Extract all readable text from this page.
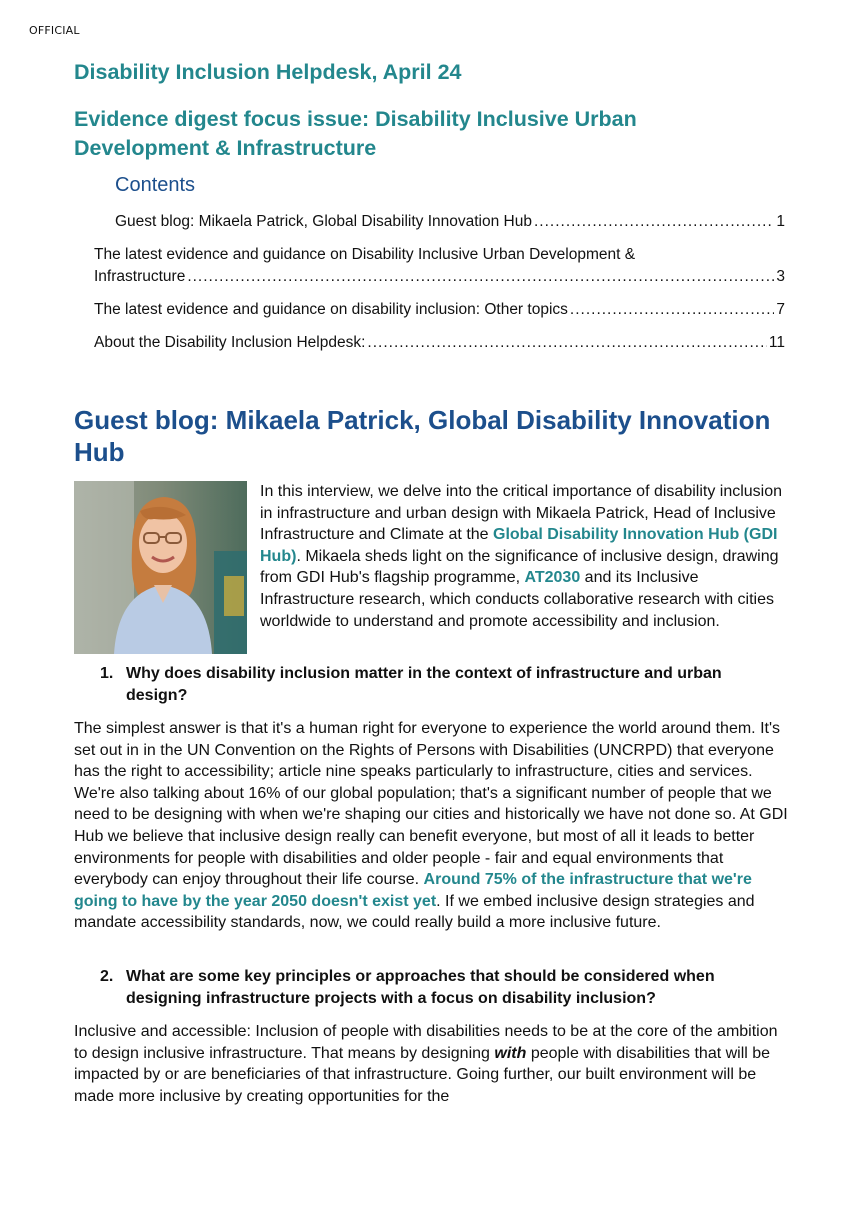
OFFICIAL
Disability Inclusion Helpdesk, April 24
Evidence digest focus issue: Disability Inclusive Urban Development & Infrastructure
Contents
Guest blog: Mikaela Patrick, Global Disability Innovation Hub .....	1
The latest evidence and guidance on Disability Inclusive Urban Development &
Infrastructure .....	3
The latest evidence and guidance on disability inclusion: Other topics .....	7
About the Disability Inclusion Helpdesk: .....	11
Guest blog: Mikaela Patrick, Global Disability Innovation Hub
In this interview, we delve into the critical importance of disability inclusion in infrastructure and urban design with Mikaela Patrick, Head of Inclusive Infrastructure and Climate at the Global Disability Innovation Hub (GDI Hub). Mikaela sheds light on the significance of inclusive design, drawing from GDI Hub's flagship programme, AT2030 and its Inclusive Infrastructure research, which conducts collaborative research with cities worldwide to understand and promote accessibility and inclusion.
1. Why does disability inclusion matter in the context of infrastructure and urban design?
The simplest answer is that it's a human right for everyone to experience the world around them. It's set out in in the UN Convention on the Rights of Persons with Disabilities (UNCRPD) that everyone has the right to accessibility; article nine speaks particularly to infrastructure, cities and services. We're also talking about 16% of our global population; that's a significant number of people that we need to be designing with when we're shaping our cities and historically we have not done so. At GDI Hub we believe that inclusive design really can benefit everyone, but most of all it leads to better environments for people with disabilities and older people - fair and equal environments that everybody can enjoy throughout their life course. Around 75% of the infrastructure that we're going to have by the year 2050 doesn't exist yet. If we embed inclusive design strategies and mandate accessibility standards, now, we could really build a more inclusive future.
2. What are some key principles or approaches that should be considered when designing infrastructure projects with a focus on disability inclusion?
Inclusive and accessible: Inclusion of people with disabilities needs to be at the core of the ambition to design inclusive infrastructure. That means by designing with people with disabilities that will be impacted by or are beneficiaries of that infrastructure. Going further, our built environment will be made more inclusive by creating opportunities for the
